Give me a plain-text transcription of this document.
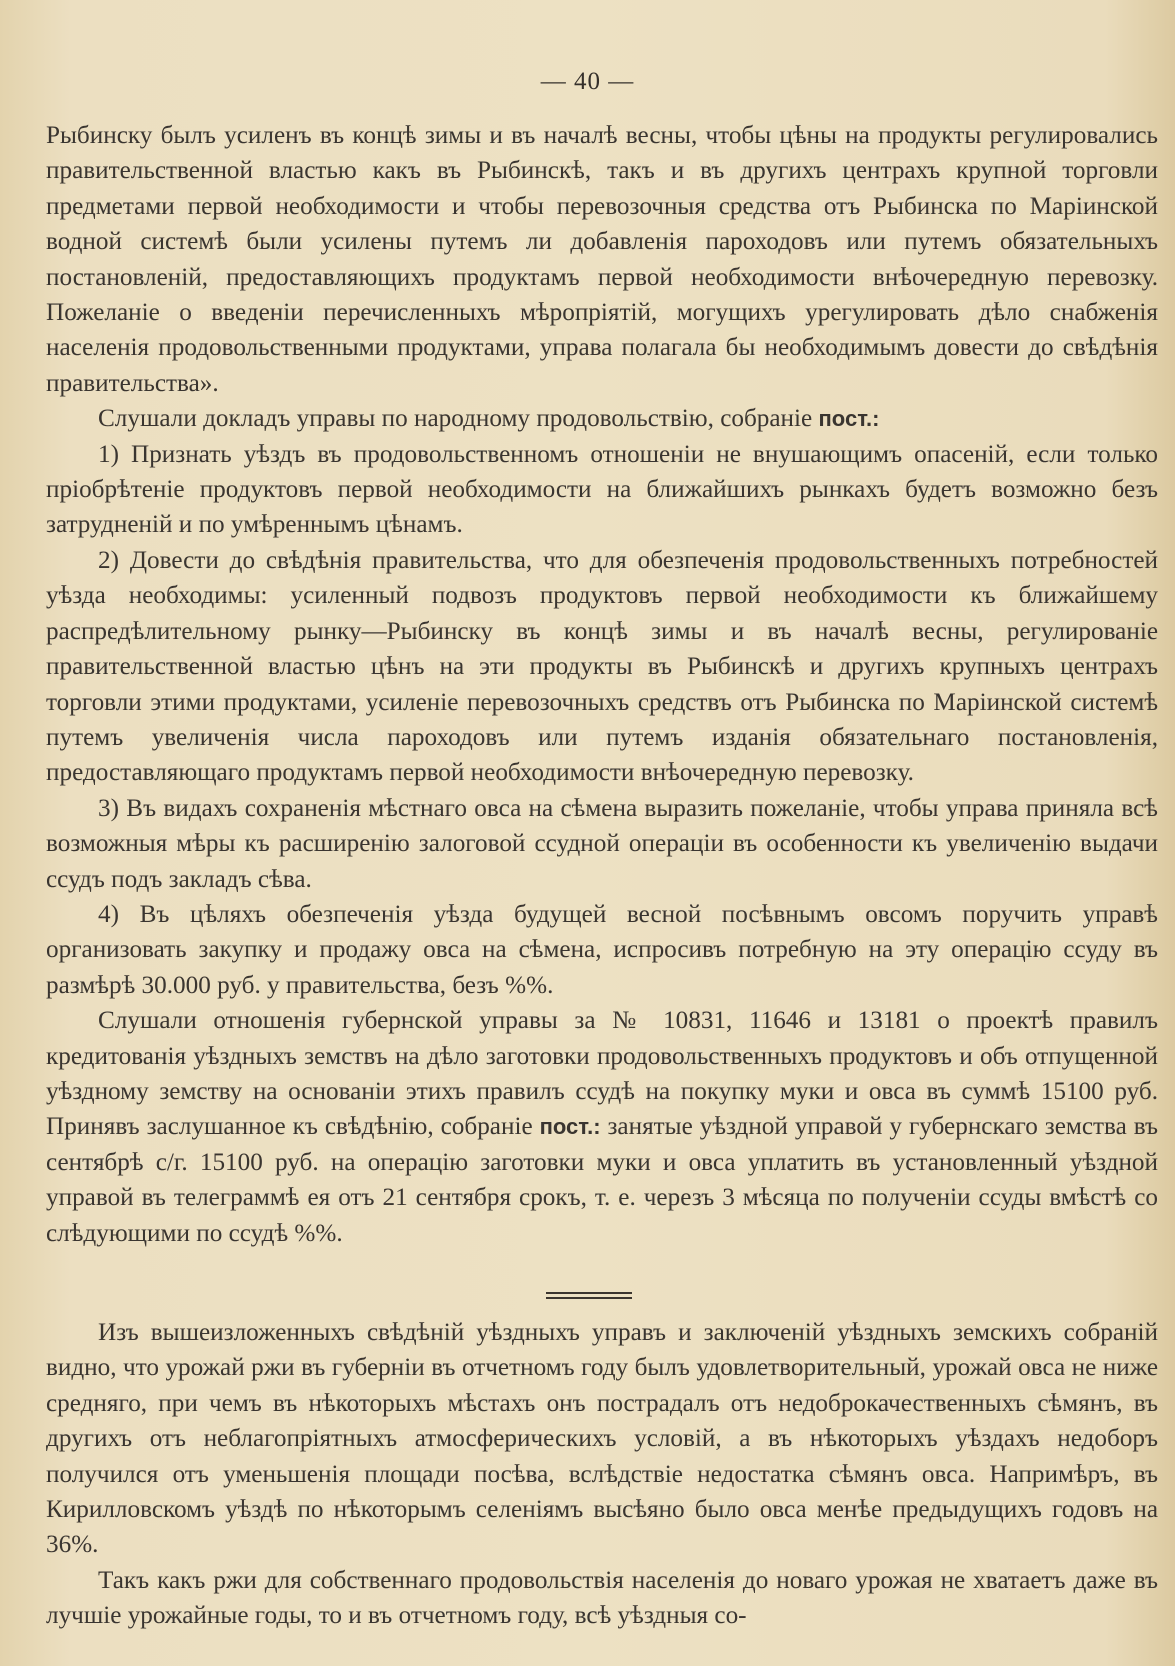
— 40 —

Рыбинску былъ усиленъ въ концѣ зимы и въ началѣ весны, чтобы цѣны на продукты регулировались правительственной властью какъ въ Рыбинскѣ, такъ и въ другихъ центрахъ крупной торговли предметами первой необходимости и чтобы перевозочныя средства отъ Рыбинска по Маріинской водной системѣ были усилены путемъ ли добавленія пароходовъ или путемъ обязательныхъ постановленій, предоставляющихъ продуктамъ первой необходимости внѣочередную перевозку. Пожеланіе о введеніи перечисленныхъ мѣропріятій, могущихъ урегулировать дѣло снабженія населенія продовольственными продуктами, управа полагала бы необходимымъ довести до свѣдѣнія правительства».

Слушали докладъ управы по народному продовольствію, собраніе пост.:

1) Признать уѣздъ въ продовольственномъ отношеніи не внушающимъ опасеній, если только пріобрѣтеніе продуктовъ первой необходимости на ближайшихъ рынкахъ будетъ возможно безъ затрудненій и по умѣреннымъ цѣнамъ.

2) Довести до свѣдѣнія правительства, что для обезпеченія продовольственныхъ потребностей уѣзда необходимы: усиленный подвозъ продуктовъ первой необходимости къ ближайшему распредѣлительному рынку—Рыбинску въ концѣ зимы и въ началѣ весны, регулированіе правительственной властью цѣнъ на эти продукты въ Рыбинскѣ и другихъ крупныхъ центрахъ торговли этими продуктами, усиленіе перевозочныхъ средствъ отъ Рыбинска по Маріинской системѣ путемъ увеличенія числа пароходовъ или путемъ изданія обязательнаго постановленія, предоставляющаго продуктамъ первой необходимости внѣочередную перевозку.

3) Въ видахъ сохраненія мѣстнаго овса на сѣмена выразить пожеланіе, чтобы управа приняла всѣ возможныя мѣры къ расширенію залоговой ссудной операціи въ особенности къ увеличенію выдачи ссудъ подъ закладъ сѣва.

4) Въ цѣляхъ обезпеченія уѣзда будущей весной посѣвнымъ овсомъ поручить управѣ организовать закупку и продажу овса на сѣмена, испросивъ потребную на эту операцію ссуду въ размѣрѣ 30.000 руб. у правительства, безъ %%.

Слушали отношенія губернской управы за № 10831, 11646 и 13181 о проектѣ правилъ кредитованія уѣздныхъ земствъ на дѣло заготовки продовольственныхъ продуктовъ и объ отпущенной уѣздному земству на основаніи этихъ правилъ ссудѣ на покупку муки и овса въ суммѣ 15100 руб. Принявъ заслушанное къ свѣдѣнію, собраніе пост.: занятые уѣздной управой у губернскаго земства въ сентябрѣ с/г. 15100 руб. на операцію заготовки муки и овса уплатить въ установленный уѣздной управой въ телеграммѣ ея отъ 21 сентября срокъ, т. е. черезъ 3 мѣсяца по полученіи ссуды вмѣстѣ со слѣдующими по ссудѣ %%.

Изъ вышеизложенныхъ свѣдѣній уѣздныхъ управъ и заключеній уѣздныхъ земскихъ собраній видно, что урожай ржи въ губерніи въ отчетномъ году былъ удовлетворительный, урожай овса не ниже средняго, при чемъ въ нѣкоторыхъ мѣстахъ онъ пострадалъ отъ недоброкачественныхъ сѣмянъ, въ другихъ отъ неблагопріятныхъ атмосферическихъ условій, а въ нѣкоторыхъ уѣздахъ недоборъ получился отъ уменьшенія площади посѣва, вслѣдствіе недостатка сѣмянъ овса. Напримѣръ, въ Кирилловскомъ уѣздѣ по нѣкоторымъ селеніямъ высѣяно было овса менѣе предыдущихъ годовъ на 36%.

Такъ какъ ржи для собственнаго продовольствія населенія до новаго урожая не хватаетъ даже въ лучшіе урожайные годы, то и въ отчетномъ году, всѣ уѣздныя со-
